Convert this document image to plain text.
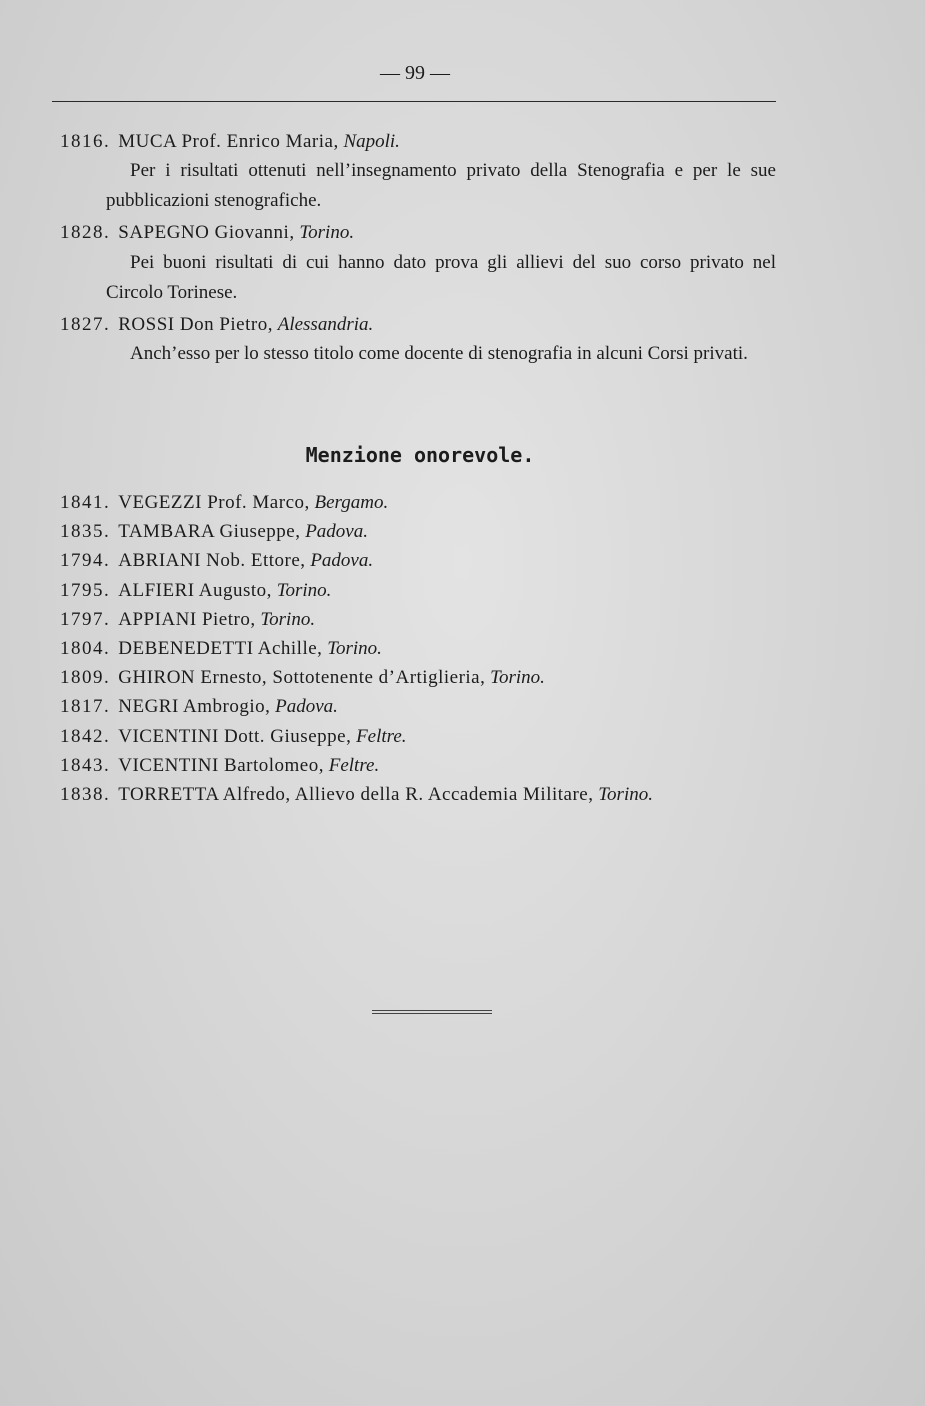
— 99 —
1816. MUCA Prof. Enrico Maria, Napoli.
Per i risultati ottenuti nell’insegnamento privato della Stenografia e per le sue pubblicazioni stenografiche.
1828. SAPEGNO Giovanni, Torino.
Pei buoni risultati di cui hanno dato prova gli allievi del suo corso privato nel Circolo Torinese.
1827. ROSSI Don Pietro, Alessandria.
Anch’esso per lo stesso titolo come docente di stenografia in alcuni Corsi privati.
Menzione onorevole.
1841. VEGEZZI Prof. Marco, Bergamo.
1835. TAMBARA Giuseppe, Padova.
1794. ABRIANI Nob. Ettore, Padova.
1795. ALFIERI Augusto, Torino.
1797. APPIANI Pietro, Torino.
1804. DEBENEDETTI Achille, Torino.
1809. GHIRON Ernesto, Sottotenente d’Artiglieria, Torino.
1817. NEGRI Ambrogio, Padova.
1842. VICENTINI Dott. Giuseppe, Feltre.
1843. VICENTINI Bartolomeo, Feltre.
1838. TORRETTA Alfredo, Allievo della R. Accademia Militare, Torino.
